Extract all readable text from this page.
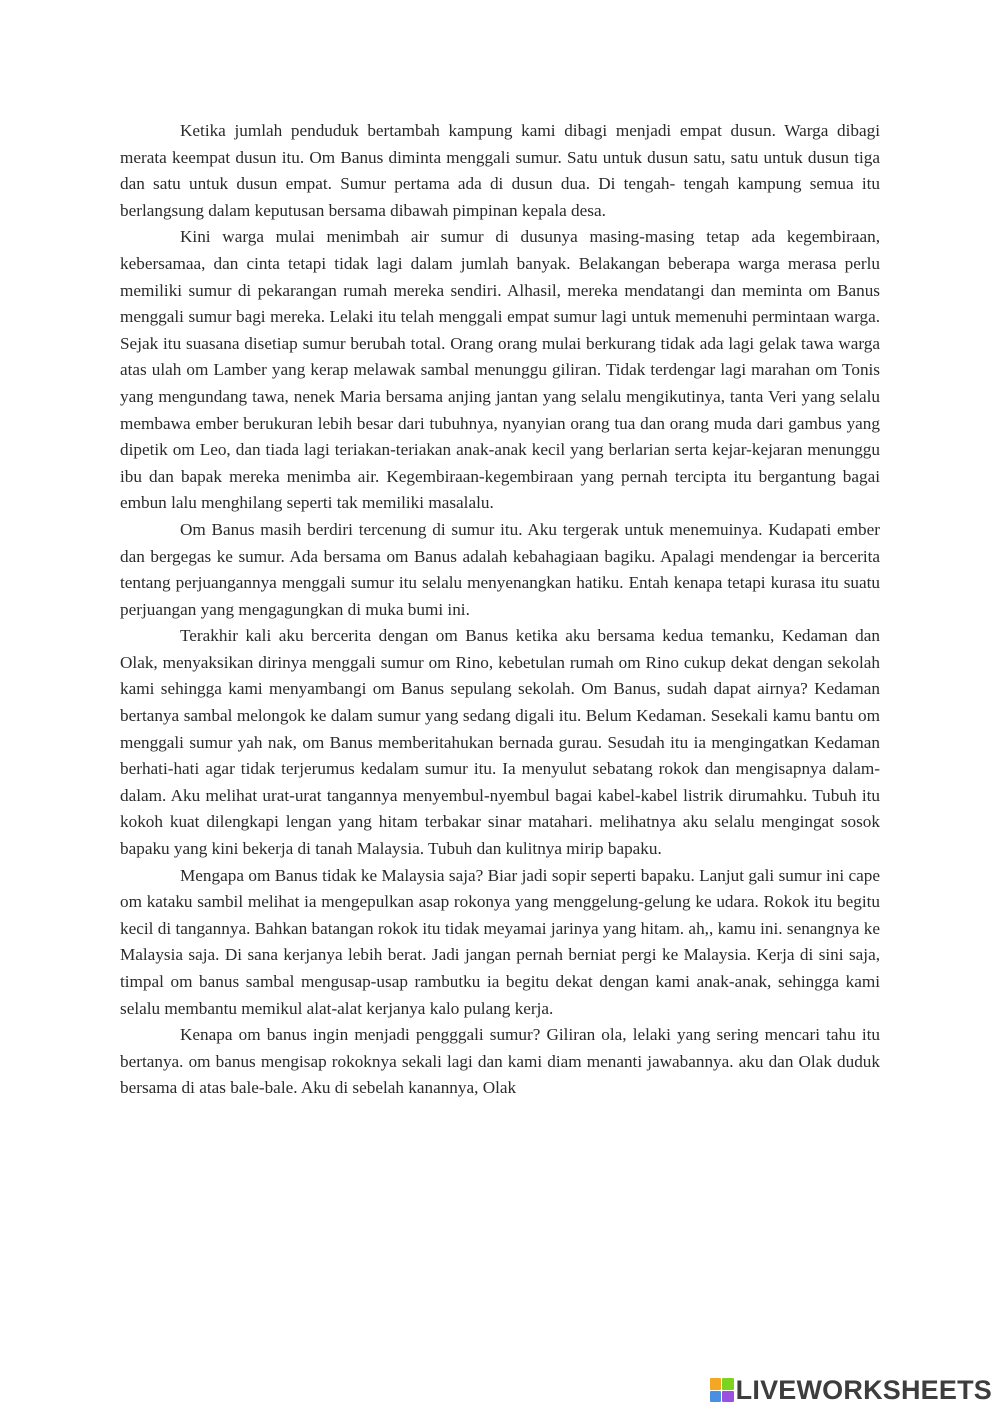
Ketika jumlah penduduk bertambah kampung kami dibagi menjadi empat dusun. Warga dibagi merata keempat dusun itu. Om Banus diminta menggali sumur. Satu untuk dusun satu, satu untuk dusun tiga dan satu untuk dusun empat. Sumur pertama ada di dusun dua. Di tengah- tengah kampung semua itu berlangsung dalam keputusan bersama dibawah pimpinan kepala desa.

Kini warga mulai menimbah air sumur di dusunya masing-masing tetap ada kegembiraan, kebersamaa, dan cinta tetapi tidak lagi dalam jumlah banyak. Belakangan beberapa warga merasa perlu memiliki sumur di pekarangan rumah mereka sendiri. Alhasil, mereka mendatangi dan meminta om Banus menggali sumur bagi mereka. Lelaki itu telah menggali empat sumur lagi untuk memenuhi permintaan warga. Sejak itu suasana disetiap sumur berubah total. Orang orang mulai berkurang tidak ada lagi gelak tawa warga atas ulah om Lamber yang kerap melawak sambal menunggu giliran. Tidak terdengar lagi marahan om Tonis yang mengundang tawa, nenek Maria bersama anjing jantan yang selalu mengikutinya, tanta Veri yang selalu membawa ember berukuran lebih besar dari tubuhnya, nyanyian orang tua dan orang muda dari gambus yang dipetik om Leo, dan tiada lagi teriakan-teriakan anak-anak kecil yang berlarian serta kejar-kejaran menunggu ibu dan bapak mereka menimba air. Kegembiraan-kegembiraan yang pernah tercipta itu bergantung bagai embun lalu menghilang seperti tak memiliki masalalu.

Om Banus masih berdiri tercenung di sumur itu. Aku tergerak untuk menemuinya. Kudapati ember dan bergegas ke sumur. Ada bersama om Banus adalah kebahagiaan bagiku. Apalagi mendengar ia bercerita tentang perjuangannya menggali sumur itu selalu menyenangkan hatiku. Entah kenapa tetapi kurasa itu suatu perjuangan yang mengagungkan di muka bumi ini.

Terakhir kali aku bercerita dengan om Banus ketika aku bersama kedua temanku, Kedaman dan Olak, menyaksikan dirinya menggali sumur om Rino, kebetulan rumah om Rino cukup dekat dengan sekolah kami sehingga kami menyambangi om Banus sepulang sekolah. Om Banus, sudah dapat airnya? Kedaman bertanya sambal melongok ke dalam sumur yang sedang digali itu. Belum Kedaman. Sesekali kamu bantu om menggali sumur yah nak, om Banus memberitahukan bernada gurau. Sesudah itu ia mengingatkan Kedaman berhati-hati agar tidak terjerumus kedalam sumur itu. Ia menyulut sebatang rokok dan mengisapnya dalam-dalam. Aku melihat urat-urat tangannya menyembul-nyembul bagai kabel-kabel listrik dirumahku. Tubuh itu kokoh kuat dilengkapi lengan yang hitam terbakar sinar matahari. melihatnya aku selalu mengingat sosok bapaku yang kini bekerja di tanah Malaysia. Tubuh dan kulitnya mirip bapaku.

Mengapa om Banus tidak ke Malaysia saja? Biar jadi sopir seperti bapaku. Lanjut gali sumur ini cape om kataku sambil melihat ia mengepulkan asap rokonya yang menggelung-gelung ke udara. Rokok itu begitu kecil di tangannya. Bahkan batangan rokok itu tidak meyamai jarinya yang hitam. ah,, kamu ini. senangnya ke Malaysia saja. Di sana kerjanya lebih berat. Jadi jangan pernah berniat pergi ke Malaysia. Kerja di sini saja, timpal om banus sambal mengusap-usap rambutku ia begitu dekat dengan kami anak-anak, sehingga kami selalu membantu memikul alat-alat kerjanya kalo pulang kerja.

Kenapa om banus ingin menjadi pengggali sumur? Giliran ola, lelaki yang sering mencari tahu itu bertanya. om banus mengisap rokoknya sekali lagi dan kami diam menanti jawabannya. aku dan Olak duduk bersama di atas bale-bale. Aku di sebelah kanannya, Olak

LIVEWORKSHEETS
